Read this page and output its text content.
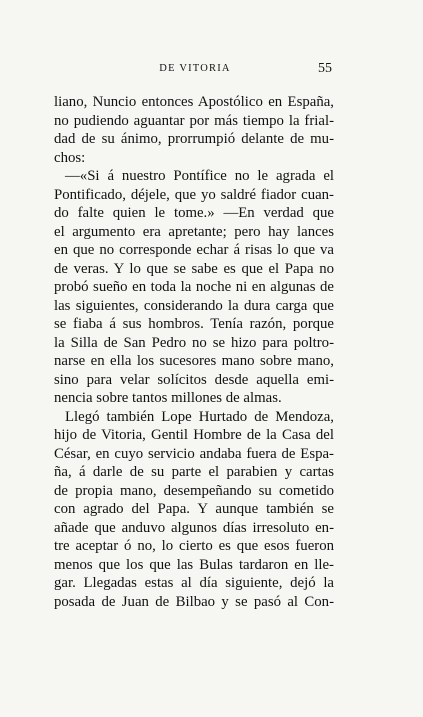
DE VITORIA	55
liano, Nuncio entonces Apostólico en España,
no pudiendo aguantar por más tiempo la frial-
dad de su ánimo, prorrumpió delante de mu-
chos:
—«Si á nuestro Pontífice no le agrada el
Pontificado, déjele, que yo saldré fiador cuan-
do falte quien le tome.» —En verdad que
el argumento era apretante; pero hay lances
en que no corresponde echar á risas lo que va
de veras. Y lo que se sabe es que el Papa no
probó sueño en toda la noche ni en algunas de
las siguientes, considerando la dura carga que
se fiaba á sus hombros. Tenía razón, porque
la Silla de San Pedro no se hizo para poltro-
narse en ella los sucesores mano sobre mano,
sino para velar solícitos desde aquella emi-
nencia sobre tantos millones de almas.
Llegó también Lope Hurtado de Mendoza,
hijo de Vitoria, Gentil Hombre de la Casa del
César, en cuyo servicio andaba fuera de Espa-
ña, á darle de su parte el parabien y cartas
de propia mano, desempeñando su cometido
con agrado del Papa. Y aunque también se
añade que anduvo algunos días irresoluto en-
tre aceptar ó no, lo cierto es que esos fueron
menos que los que las Bulas tardaron en lle-
gar. Llegadas estas al día siguiente, dejó la
posada de Juan de Bilbao y se pasó al Con-
